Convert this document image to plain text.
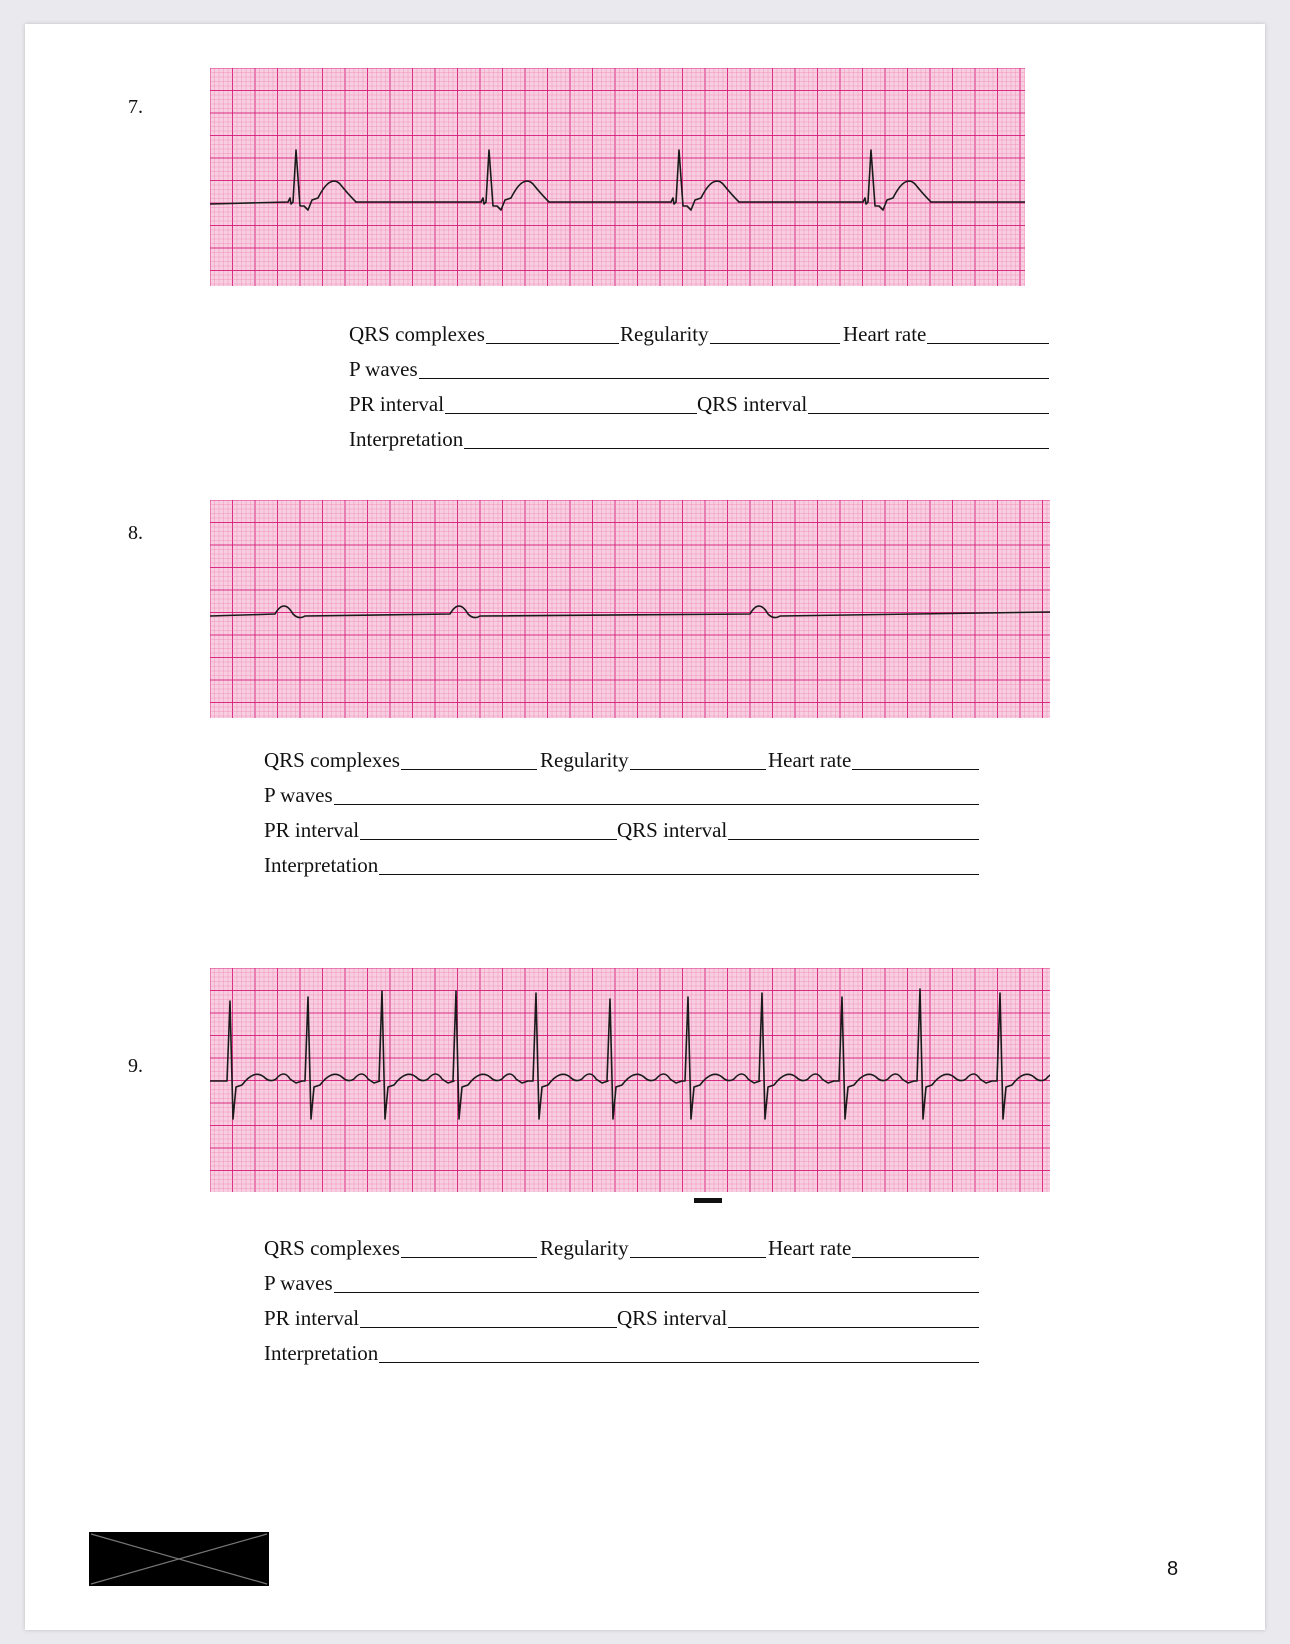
7.
QRS complexes	Regularity	Heart rate
P waves
PR interval	QRS interval
Interpretation
8.
QRS complexes	Regularity	Heart rate
P waves
PR interval	QRS interval
Interpretation
9.
QRS complexes	Regularity	Heart rate
P waves
PR interval	QRS interval
Interpretation
8
